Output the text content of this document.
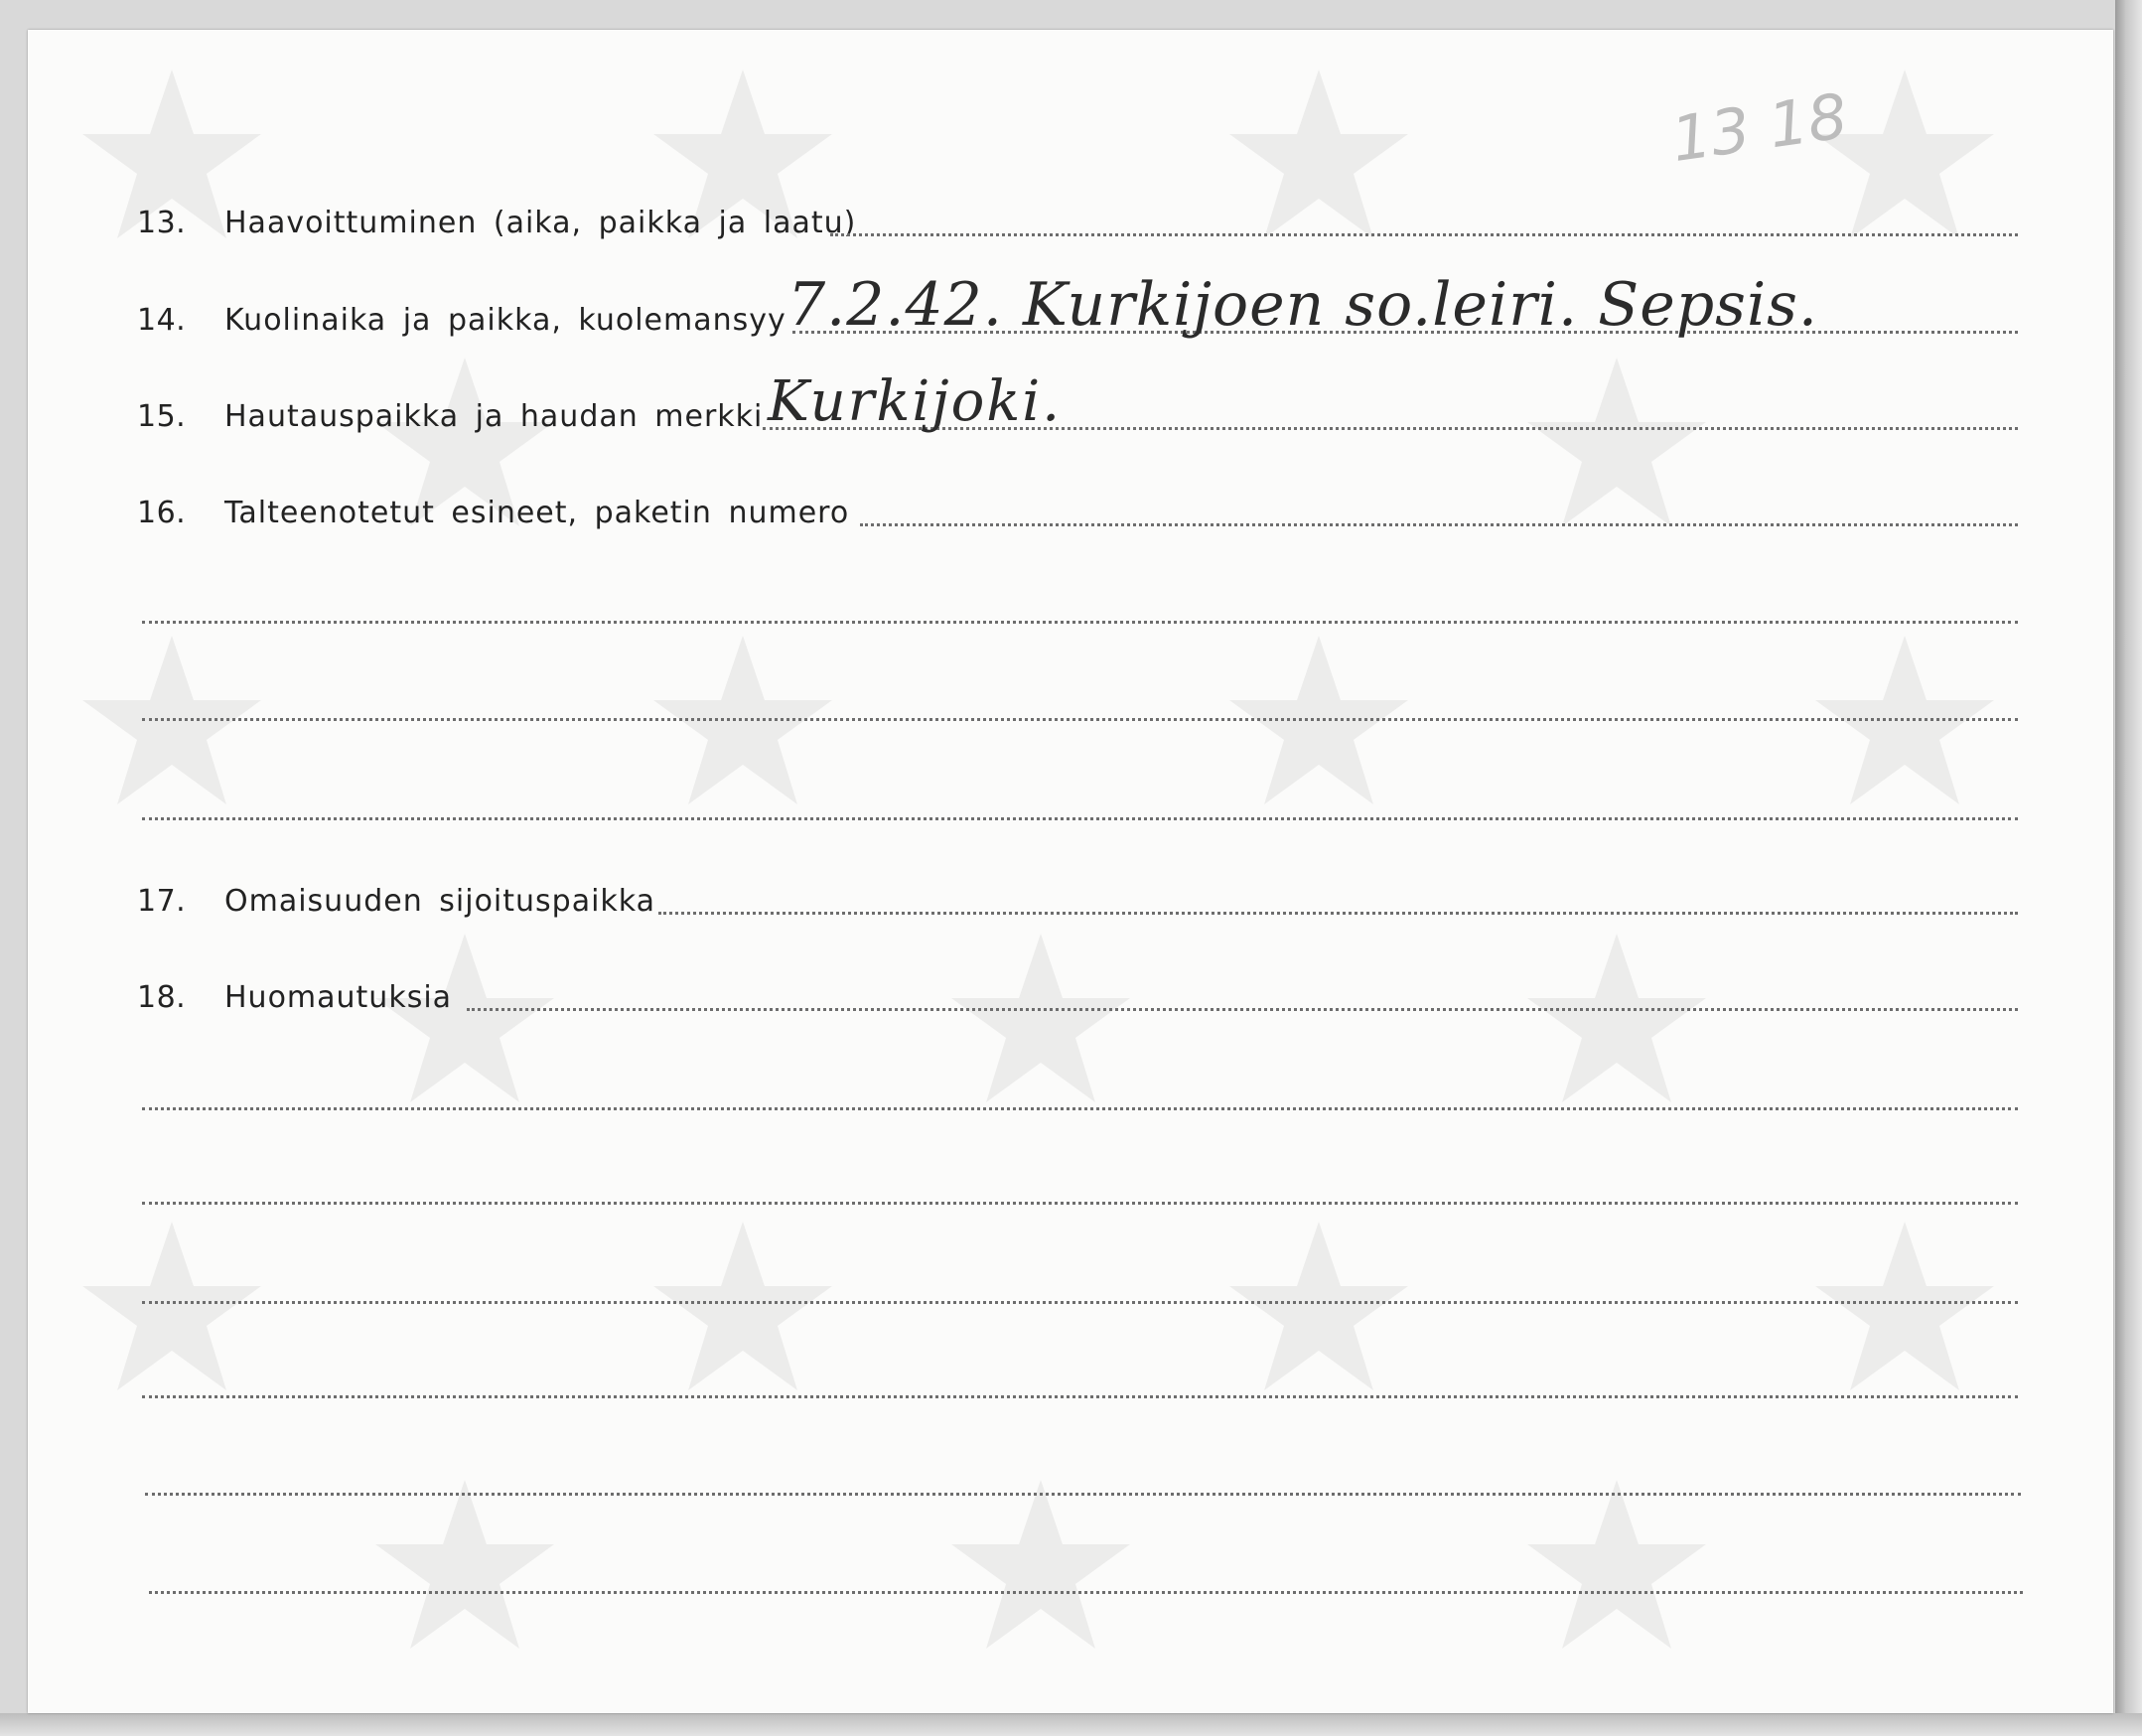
13 18
13. Haavoittuminen (aika, paikka ja laatu)
14. Kuolinaika ja paikka, kuolemansyy 7.2.42. Kurkijoen so.leiri. Sepsis.
15. Hautauspaikka ja haudan merkki Kurkijoki.
16. Talteenotetut esineet, paketin numero
17. Omaisuuden sijoituspaikka
18. Huomautuksia
